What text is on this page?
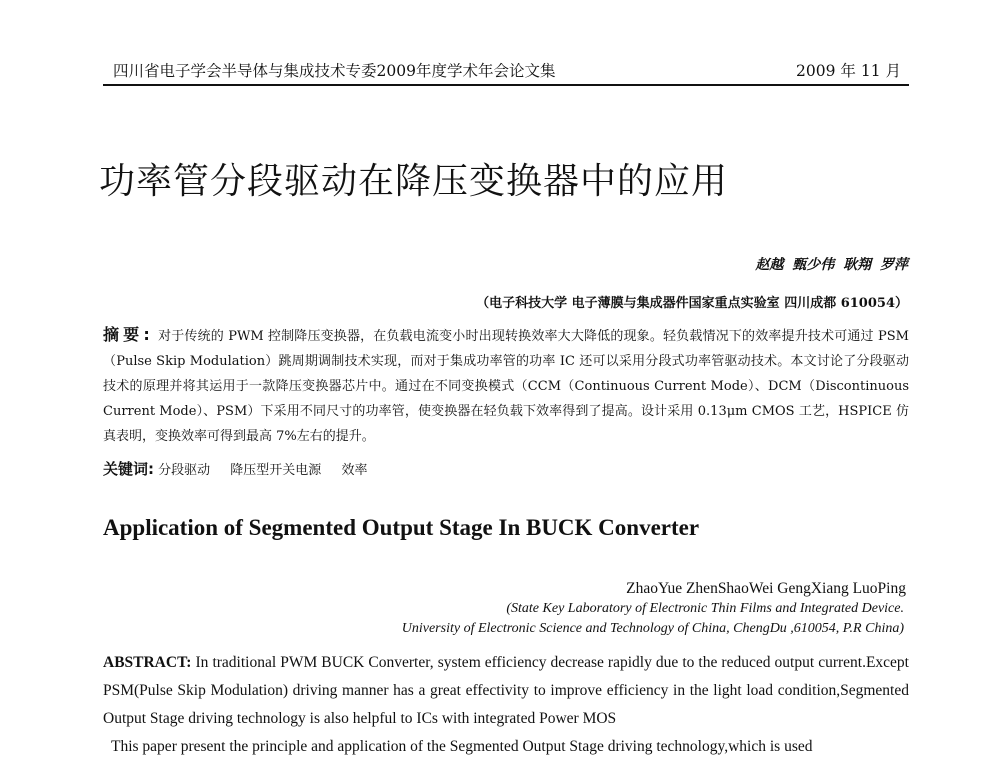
四川省电子学会半导体与集成技术专委2009年度学术年会论文集	2009 年 11 月
功率管分段驱动在降压变换器中的应用
赵越 甄少伟 耿翔 罗萍
（电子科技大学 电子薄膜与集成器件国家重点实验室 四川成都 610054）
摘要: 对于传统的 PWM 控制降压变换器，在负载电流变小时出现转换效率大大降低的现象。轻负载情况下的效率提升技术可通过 PSM（Pulse Skip Modulation）跳周期调制技术实现，而对于集成功率管的功率 IC 还可以采用分段式功率管驱动技术。本文讨论了分段驱动技术的原理并将其运用于一款降压变换器芯片中。通过在不同变换模式（CCM（Continuous Current Mode）、DCM（Discontinuous Current Mode）、PSM）下采用不同尺寸的功率管，使变换器在轻负载下效率得到了提高。设计采用 0.13μm CMOS 工艺，HSPICE 仿真表明，变换效率可得到最高 7%左右的提升。
关键词: 分段驱动 降压型开关电源 效率
Application of Segmented Output Stage In BUCK Converter
ZhaoYue ZhenShaoWei GengXiang LuoPing
(State Key Laboratory of Electronic Thin Films and Integrated Device.
University of Electronic Science and Technology of China, ChengDu ,610054, P.R China)

ABSTRACT: In traditional PWM BUCK Converter, system efficiency decrease rapidly due to the reduced output current.Except PSM(Pulse Skip Modulation) driving manner has a great effectivity to improve efficiency in the light load condition,Segmented Output Stage driving technology is also helpful to ICs with integrated Power MOS

This paper present the principle and application of the Segmented Output Stage driving technology,which is used
